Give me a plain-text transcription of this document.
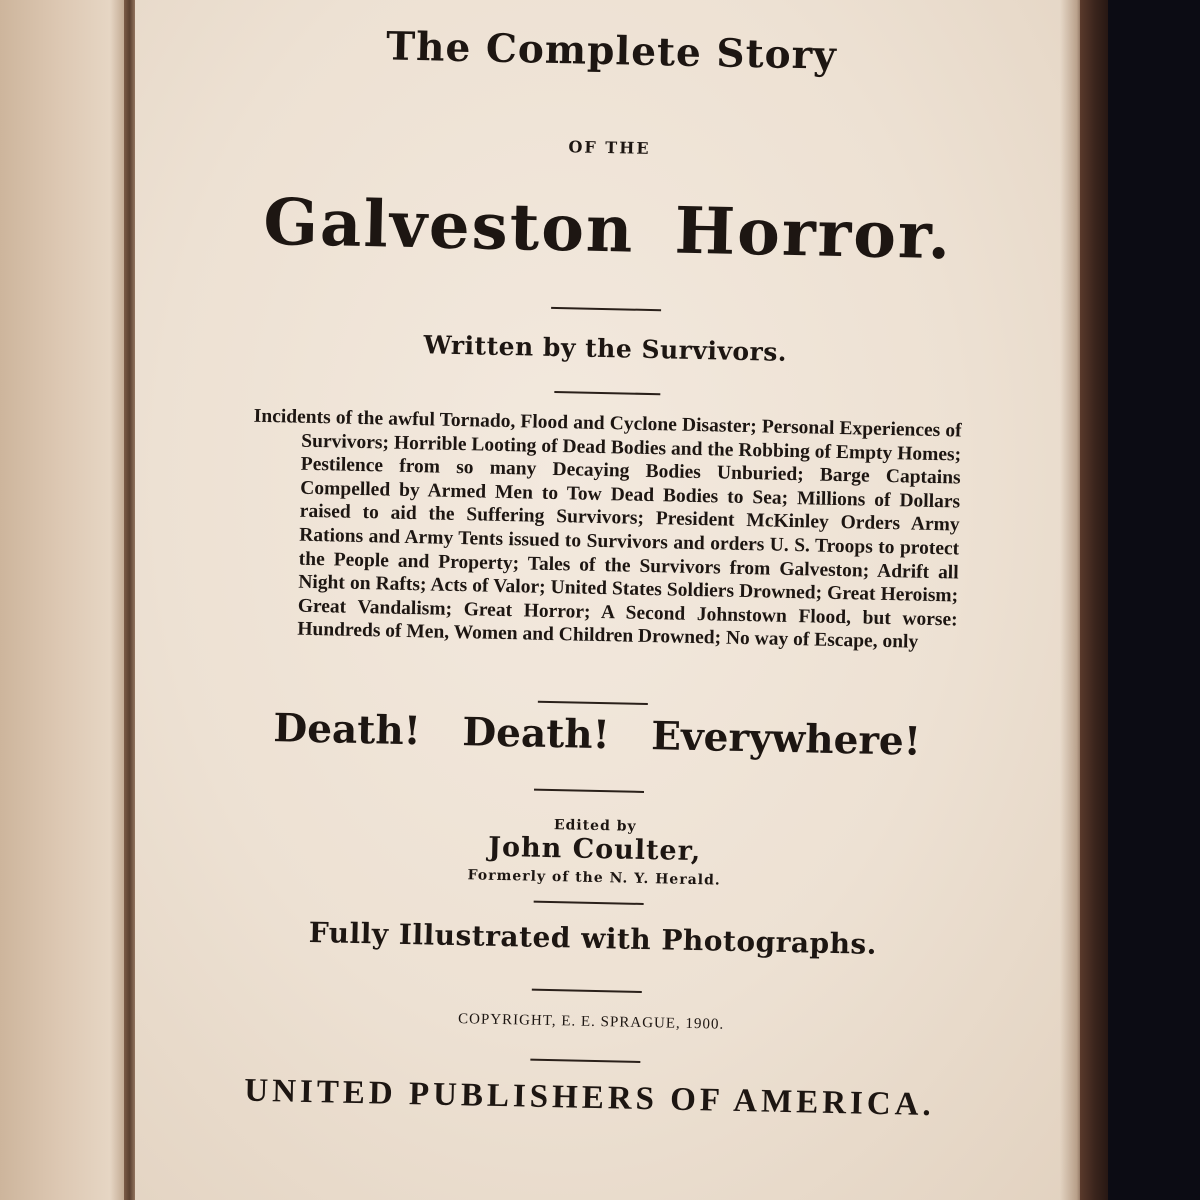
The Complete Story

OF THE

Galveston Horror.

Written by the Survivors.

Incidents of the awful Tornado, Flood and Cyclone Disaster; Personal Experiences of Survivors; Horrible Looting of Dead Bodies and the Robbing of Empty Homes; Pestilence from so many Decaying Bodies Unburied; Barge Captains Compelled by Armed Men to Tow Dead Bodies to Sea; Millions of Dollars raised to aid the Suffering Survivors; President McKinley Orders Army Rations and Army Tents issued to Survivors and orders U. S. Troops to protect the People and Property; Tales of the Survivors from Galveston; Adrift all Night on Rafts; Acts of Valor; United States Soldiers Drowned; Great Heroism; Great Vandalism; Great Horror; A Second Johnstown Flood, but worse: Hundreds of Men, Women and Children Drowned; No way of Escape, only

Death! Death! Everywhere!

Edited by

John Coulter,

Formerly of the N. Y. Herald.

Fully Illustrated with Photographs.

COPYRIGHT, E. E. SPRAGUE, 1900.

UNITED PUBLISHERS OF AMERICA.
